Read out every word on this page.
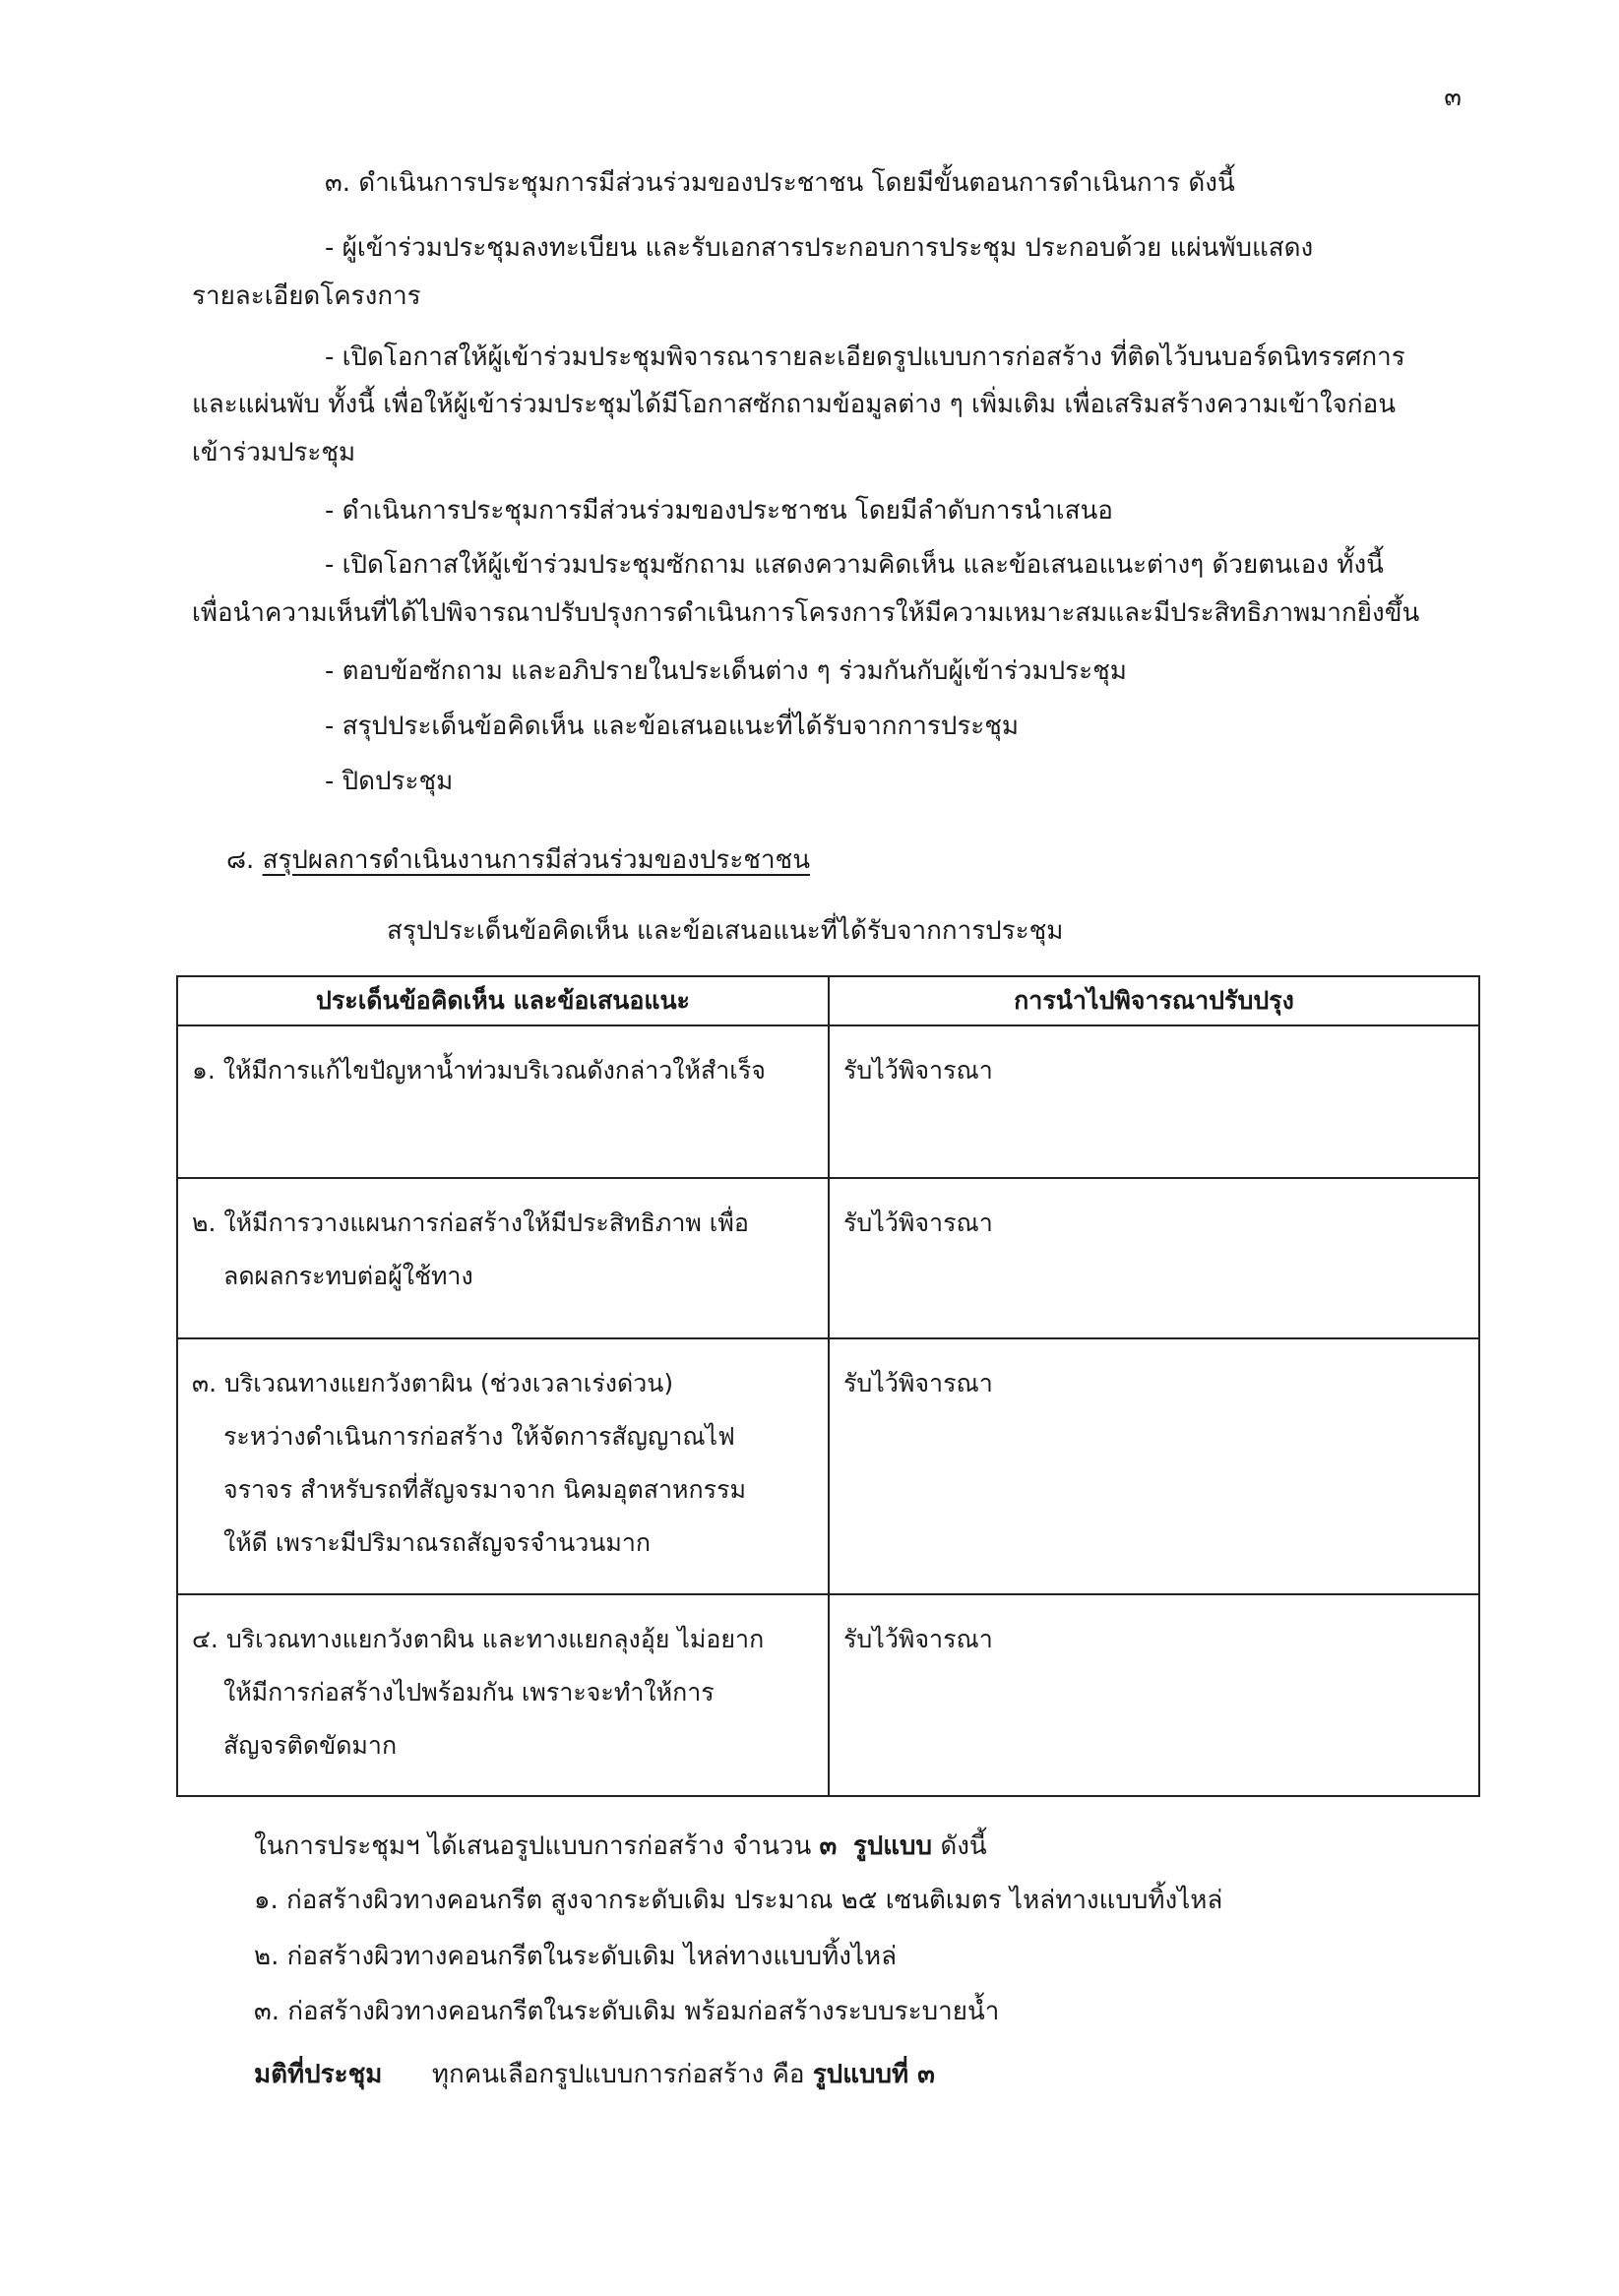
๓
๓. ดำเนินการประชุมการมีส่วนร่วมของประชาชน โดยมีขั้นตอนการดำเนินการ ดังนี้
- ผู้เข้าร่วมประชุมลงทะเบียน และรับเอกสารประกอบการประชุม ประกอบด้วย แผ่นพับแสดง
รายละเอียดโครงการ
- เปิดโอกาสให้ผู้เข้าร่วมประชุมพิจารณารายละเอียดรูปแบบการก่อสร้าง ที่ติดไว้บนบอร์ดนิทรรศการ
และแผ่นพับ ทั้งนี้ เพื่อให้ผู้เข้าร่วมประชุมได้มีโอกาสซักถามข้อมูลต่าง ๆ เพิ่มเติม เพื่อเสริมสร้างความเข้าใจก่อน
เข้าร่วมประชุม
- ดำเนินการประชุมการมีส่วนร่วมของประชาชน โดยมีลำดับการนำเสนอ
- เปิดโอกาสให้ผู้เข้าร่วมประชุมซักถาม แสดงความคิดเห็น และข้อเสนอแนะต่างๆ ด้วยตนเอง ทั้งนี้
เพื่อนำความเห็นที่ได้ไปพิจารณาปรับปรุงการดำเนินการโครงการให้มีความเหมาะสมและมีประสิทธิภาพมากยิ่งขึ้น
- ตอบข้อซักถาม และอภิปรายในประเด็นต่าง ๆ ร่วมกันกับผู้เข้าร่วมประชุม
- สรุปประเด็นข้อคิดเห็น และข้อเสนอแนะที่ได้รับจากการประชุม
- ปิดประชุม
๘. สรุปผลการดำเนินงานการมีส่วนร่วมของประชาชน
สรุปประเด็นข้อคิดเห็น และข้อเสนอแนะที่ได้รับจากการประชุม
ประเด็นข้อคิดเห็น และข้อเสนอแนะ	การนำไปพิจารณาปรับปรุง

๑. ให้มีการแก้ไขปัญหาน้ำท่วมบริเวณดังกล่าวให้สำเร็จ	รับไว้พิจารณา

๒. ให้มีการวางแผนการก่อสร้างให้มีประสิทธิภาพ เพื่อ
ลดผลกระทบต่อผู้ใช้ทาง	รับไว้พิจารณา

๓. บริเวณทางแยกวังตาผิน (ช่วงเวลาเร่งด่วน)
ระหว่างดำเนินการก่อสร้าง ให้จัดการสัญญาณไฟ
จราจร สำหรับรถที่สัญจรมาจาก นิคมอุตสาหกรรม
ให้ดี เพราะมีปริมาณรถสัญจรจำนวนมาก	รับไว้พิจารณา

๔. บริเวณทางแยกวังตาผิน และทางแยกลุงอุ้ย ไม่อยาก
ให้มีการก่อสร้างไปพร้อมกัน เพราะจะทำให้การ
สัญจรติดขัดมาก	รับไว้พิจารณา
ในการประชุมฯ ได้เสนอรูปแบบการก่อสร้าง จำนวน ๓ รูปแบบ ดังนี้
๑. ก่อสร้างผิวทางคอนกรีต สูงจากระดับเดิม ประมาณ ๒๕ เซนติเมตร ไหล่ทางแบบทิ้งไหล่
๒. ก่อสร้างผิวทางคอนกรีตในระดับเดิม ไหล่ทางแบบทิ้งไหล่
๓. ก่อสร้างผิวทางคอนกรีตในระดับเดิม พร้อมก่อสร้างระบบระบายน้ำ
มติที่ประชุม ทุกคนเลือกรูปแบบการก่อสร้าง คือ รูปแบบที่ ๓
